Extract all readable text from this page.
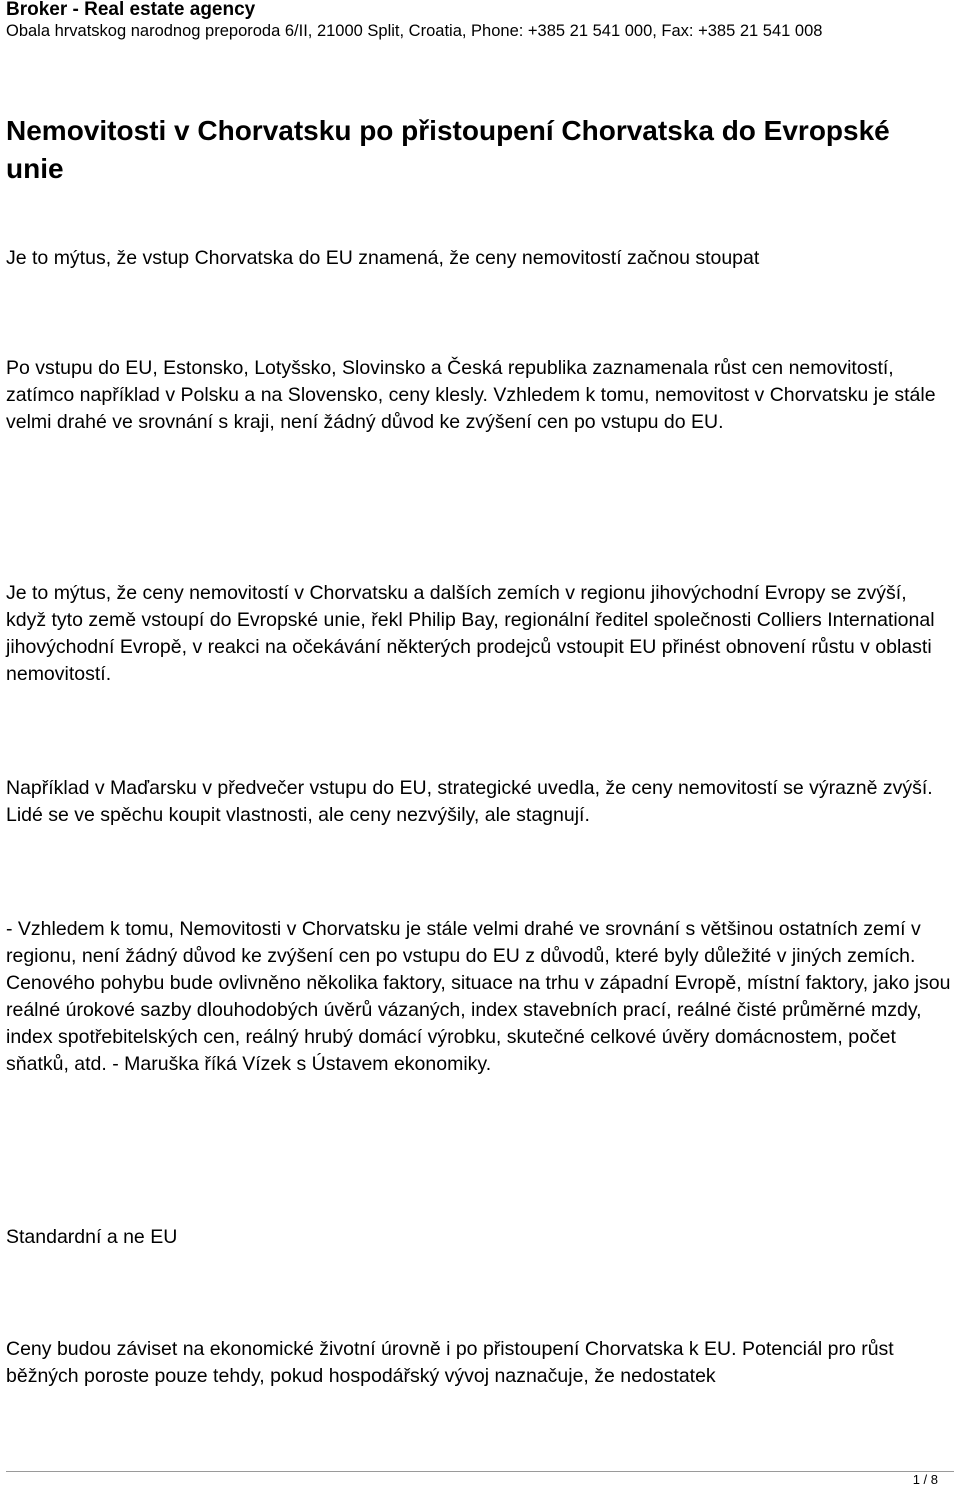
Broker - Real estate agency

Obala hrvatskog narodnog preporoda 6/II, 21000 Split, Croatia, Phone: +385 21 541 000, Fax: +385 21 541 008

Nemovitosti v Chorvatsku po přistoupení Chorvatska do Evropské unie

Je to mýtus, že vstup Chorvatska do EU znamená, že ceny nemovitostí začnou stoupat

Po vstupu do EU, Estonsko, Lotyšsko, Slovinsko a Česká republika zaznamenala růst cen nemovitostí, zatímco například v Polsku a na Slovensko, ceny klesly. Vzhledem k tomu, nemovitost v Chorvatsku je stále velmi drahé ve srovnání s kraji, není žádný důvod ke zvýšení cen po vstupu do EU.

Je to mýtus, že ceny nemovitostí v Chorvatsku a dalších zemích v regionu jihovýchodní Evropy se zvýší, když tyto země vstoupí do Evropské unie, řekl Philip Bay, regionální ředitel společnosti Colliers International jihovýchodní Evropě, v reakci na očekávání některých prodejců vstoupit EU přinést obnovení růstu v oblasti nemovitostí.

Například v Maďarsku v předvečer vstupu do EU, strategické uvedla, že ceny nemovitostí se výrazně zvýší. Lidé se ve spěchu koupit vlastnosti, ale ceny nezvýšily, ale stagnují.

- Vzhledem k tomu, Nemovitosti v Chorvatsku je stále velmi drahé ve srovnání s většinou ostatních zemí v regionu, není žádný důvod ke zvýšení cen po vstupu do EU z důvodů, které byly důležité v jiných zemích. Cenového pohybu bude ovlivněno několika faktory, situace na trhu v západní Evropě, místní faktory, jako jsou reálné úrokové sazby dlouhodobých úvěrů vázaných, index stavebních prací, reálné čisté průměrné mzdy, index spotřebitelských cen, reálný hrubý domácí výrobku, skutečné celkové úvěry domácnostem, počet sňatků, atd. - Maruška říká Vízek s Ústavem ekonomiky.

Standardní a ne EU

Ceny budou záviset na ekonomické životní úrovně i po přistoupení Chorvatska k EU. Potenciál pro růst běžných poroste pouze tehdy, pokud hospodářský vývoj naznačuje, že nedostatek

1 / 8
